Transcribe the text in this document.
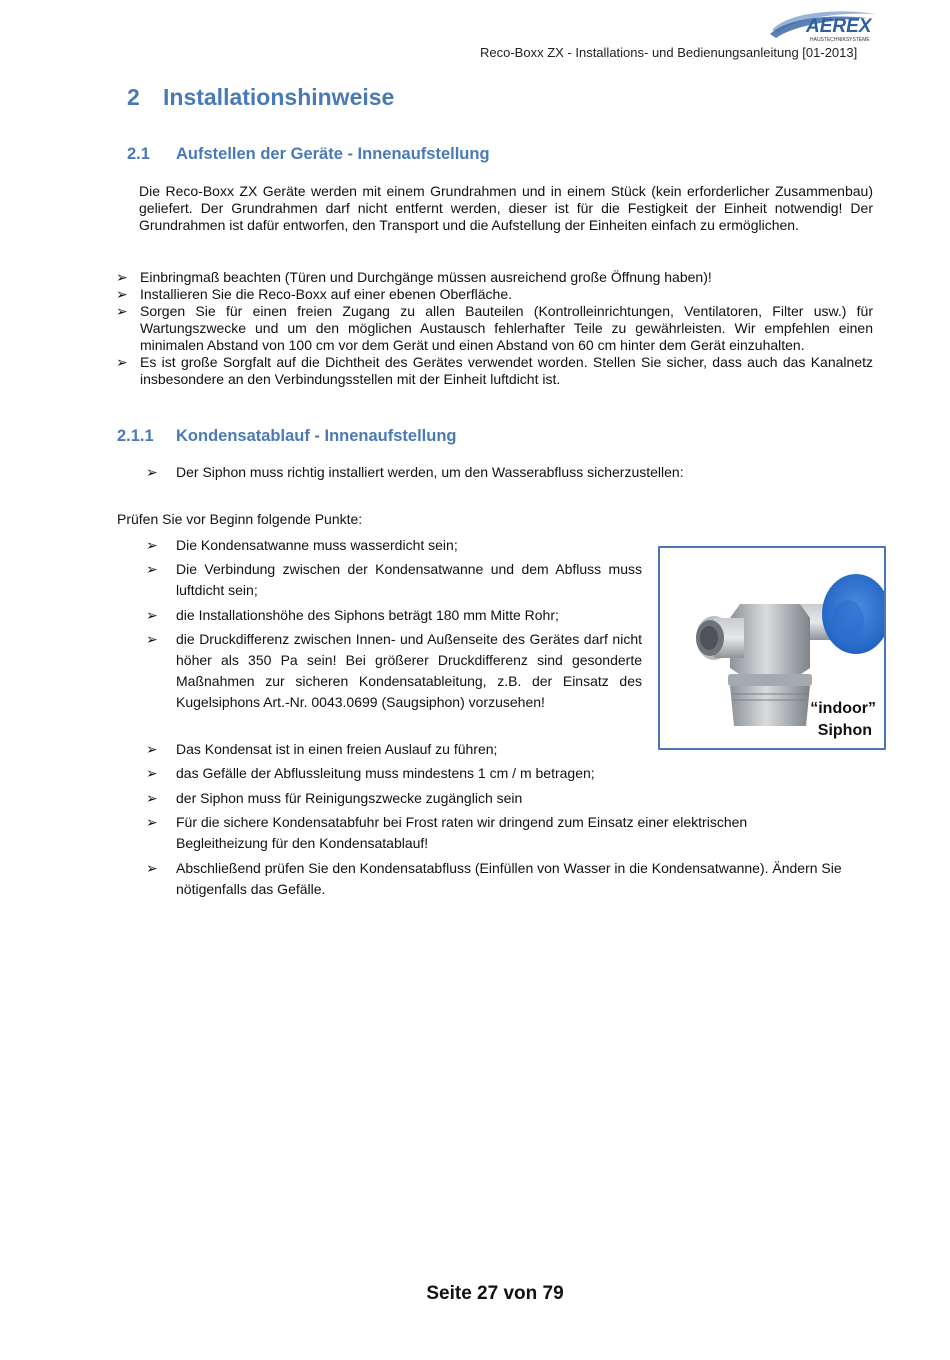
AEREX
HAUSTECHNIKSYSTEME
Reco-Boxx ZX - Installations- und Bedienungsanleitung [01-2013]
2 Installationshinweise
2.1 Aufstellen der Geräte - Innenaufstellung
Die Reco-Boxx ZX Geräte werden mit einem Grundrahmen und in einem Stück (kein erforderlicher Zusammenbau) geliefert. Der Grundrahmen darf nicht entfernt werden, dieser ist für die Festigkeit der Einheit notwendig! Der Grundrahmen ist dafür entworfen, den Transport und die Aufstellung der Einheiten einfach zu ermöglichen.
➢ Einbringmaß beachten (Türen und Durchgänge müssen ausreichend große Öffnung haben)!
➢ Installieren Sie die Reco-Boxx auf einer ebenen Oberfläche.
➢ Sorgen Sie für einen freien Zugang zu allen Bauteilen (Kontrolleinrichtungen, Ventilatoren, Filter usw.) für Wartungszwecke und um den möglichen Austausch fehlerhafter Teile zu gewährleisten. Wir empfehlen einen minimalen Abstand von 100 cm vor dem Gerät und einen Abstand von 60 cm hinter dem Gerät einzuhalten.
➢ Es ist große Sorgfalt auf die Dichtheit des Gerätes verwendet worden. Stellen Sie sicher, dass auch das Kanalnetz insbesondere an den Verbindungsstellen mit der Einheit luftdicht ist.
2.1.1 Kondensatablauf - Innenaufstellung
➢ Der Siphon muss richtig installiert werden, um den Wasserabfluss sicherzustellen:
Prüfen Sie vor Beginn folgende Punkte:
➢ Die Kondensatwanne muss wasserdicht sein;
➢ Die Verbindung zwischen der Kondensatwanne und dem Abfluss muss luftdicht sein;
➢ die Installationshöhe des Siphons beträgt 180 mm Mitte Rohr;
➢ die Druckdifferenz zwischen Innen- und Außenseite des Gerätes darf nicht höher als 350 Pa sein! Bei größerer Druckdifferenz sind gesonderte Maßnahmen zur sicheren Kondensatableitung, z.B. der Einsatz des Kugelsiphons Art.-Nr. 0043.0699 (Saugsiphon) vorzusehen!
➢ Das Kondensat ist in einen freien Auslauf zu führen;
➢ das Gefälle der Abflussleitung muss mindestens 1 cm / m betragen;
➢ der Siphon muss für Reinigungszwecke zugänglich sein
➢ Für die sichere Kondensatabfuhr bei Frost raten wir dringend zum Einsatz einer elektrischen Begleitheizung für den Kondensatablauf!
➢ Abschließend prüfen Sie den Kondensatabfluss (Einfüllen von Wasser in die Kondensatwanne). Ändern Sie nötigenfalls das Gefälle.
“indoor”
Siphon
Seite 27 von 79
